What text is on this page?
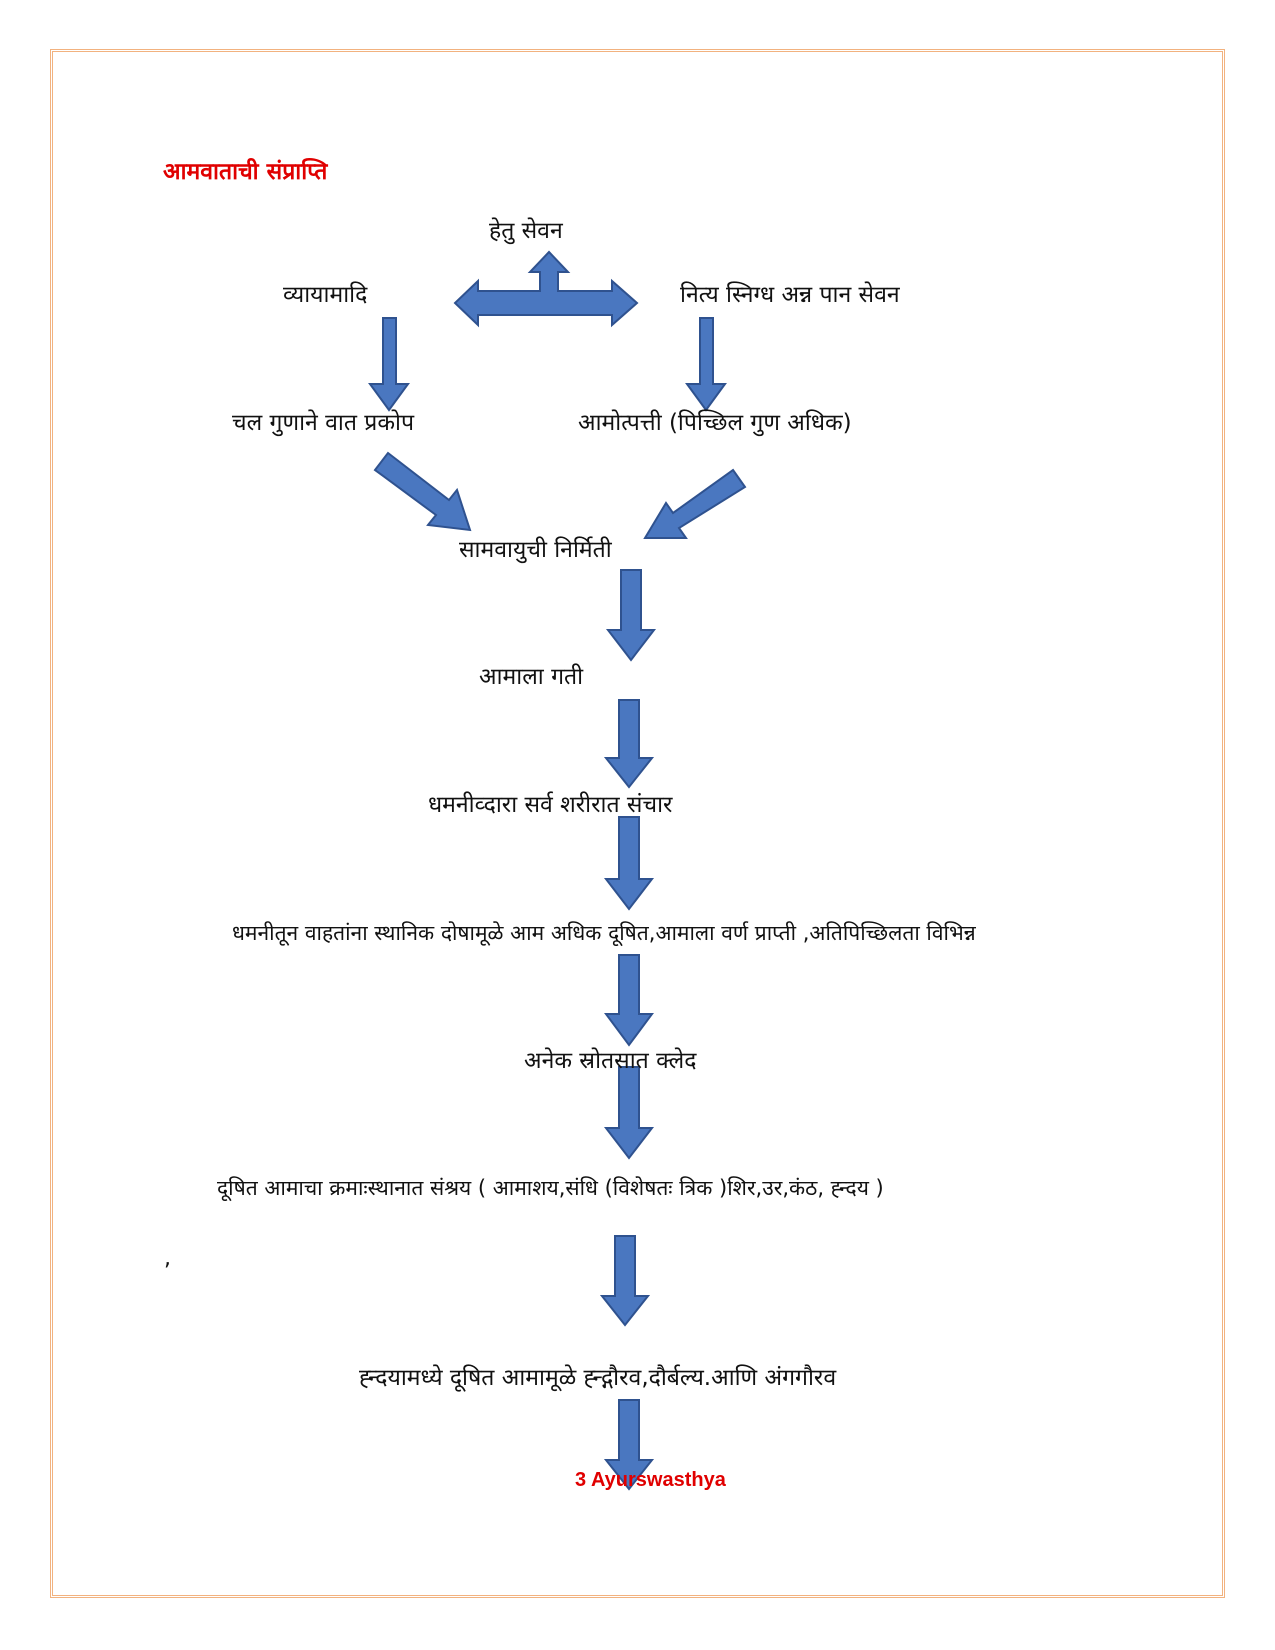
आमवाताची संप्राप्ति
हेतु सेवन
व्यायामादि	नित्य स्निग्ध अन्न पान सेवन
चल गुणाने वात प्रकोप	आमोत्पत्ती (पिच्छिल गुण अधिक)
सामवायुची निर्मिती
आमाला गती
धमनीव्दारा सर्व शरीरात संचार
धमनीतून वाहतांना स्थानिक दोषामूळे आम अधिक दूषित,आमाला वर्ण प्राप्ती ,अतिपिच्छिलता विभिन्न
अनेक स्रोतसात क्लेद
दूषित आमाचा क्रमाःस्थानात संश्रय ( आमाशय,संधि (विशेषतः त्रिक )शिर,उर,कंठ, ह्न्दय )
,
ह्न्दयामध्ये दूषित आमामूळे ह्न्द्गौरव,दौर्बल्य.आणि अंगगौरव
3 Ayurswasthya
